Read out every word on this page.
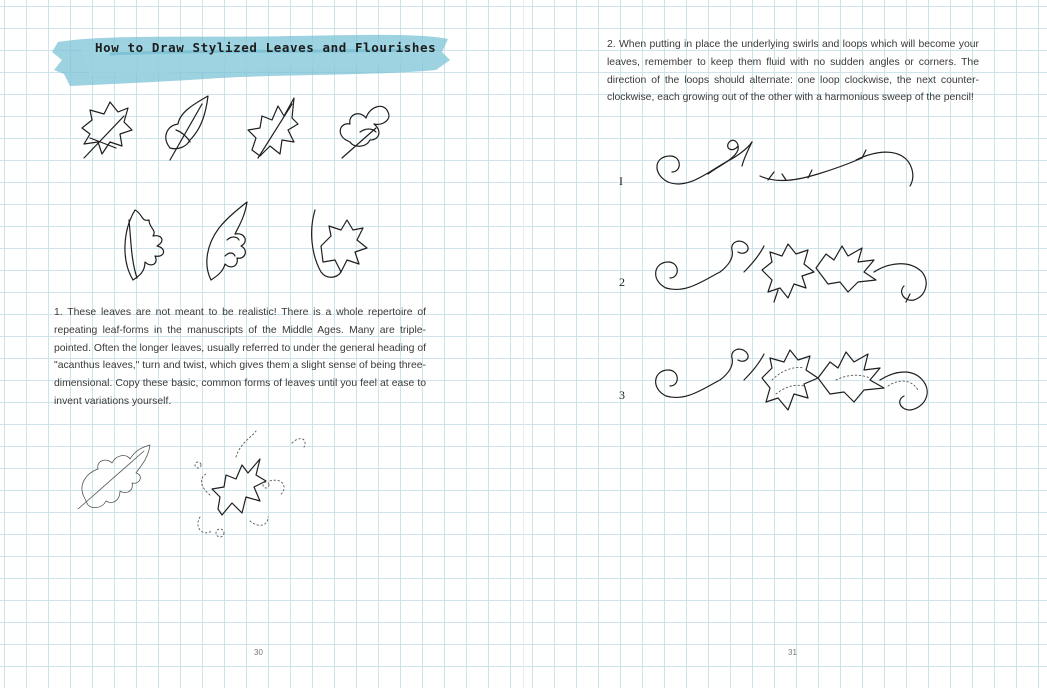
How to Draw Stylized Leaves and Flourishes
1. These leaves are not meant to be realistic! There is a whole repertoire of repeating leaf-forms in the manuscripts of the Middle Ages. Many are triple-pointed. Often the longer leaves, usually referred to under the general heading of "acanthus leaves," turn and twist, which gives them a slight sense of being three-dimensional. Copy these basic, common forms of leaves until you feel at ease to invent variations yourself.
30
I
2
3
31
2. When putting in place the underlying swirls and loops which will become your leaves, remember to keep them fluid with no sudden angles or corners. The direction of the loops should alternate: one loop clockwise, the next counter-clockwise, each growing out of the other with a harmonious sweep of the pencil!
